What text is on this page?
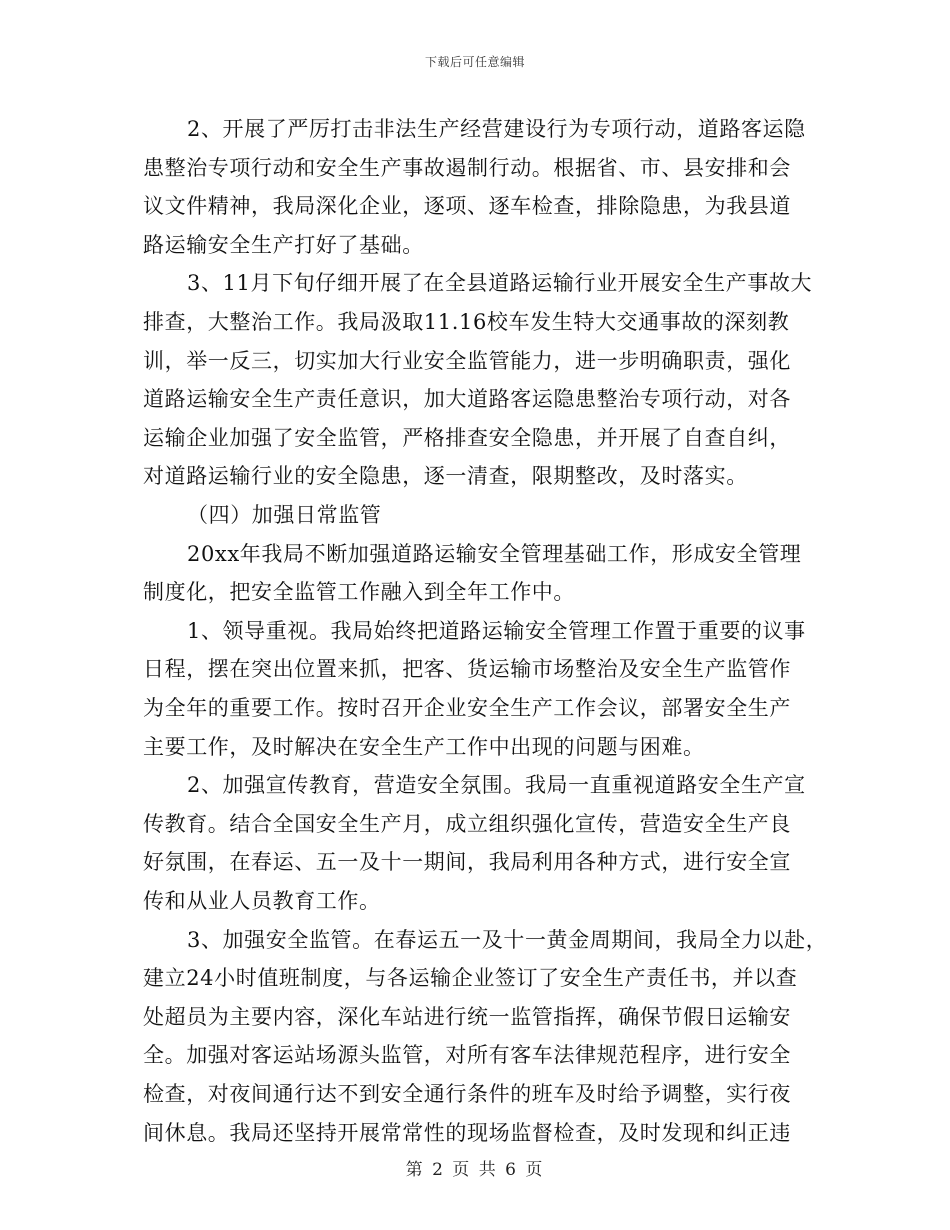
下载后可任意编辑
2、开展了严厉打击非法生产经营建设行为专项行动，道路客运隐
患整治专项行动和安全生产事故遏制行动。根据省、市、县安排和会
议文件精神，我局深化企业，逐项、逐车检查，排除隐患，为我县道
路运输安全生产打好了基础。
3、11月下旬仔细开展了在全县道路运输行业开展安全生产事故大
排查，大整治工作。我局汲取11.16校车发生特大交通事故的深刻教
训，举一反三，切实加大行业安全监管能力，进一步明确职责，强化
道路运输安全生产责任意识，加大道路客运隐患整治专项行动，对各
运输企业加强了安全监管，严格排查安全隐患，并开展了自查自纠，
对道路运输行业的安全隐患，逐一清查，限期整改，及时落实。
（四）加强日常监管
20xx年我局不断加强道路运输安全管理基础工作，形成安全管理
制度化，把安全监管工作融入到全年工作中。
1、领导重视。我局始终把道路运输安全管理工作置于重要的议事
日程，摆在突出位置来抓，把客、货运输市场整治及安全生产监管作
为全年的重要工作。按时召开企业安全生产工作会议，部署安全生产
主要工作，及时解决在安全生产工作中出现的问题与困难。
2、加强宣传教育，营造安全氛围。我局一直重视道路安全生产宣
传教育。结合全国安全生产月，成立组织强化宣传，营造安全生产良
好氛围，在春运、五一及十一期间，我局利用各种方式，进行安全宣
传和从业人员教育工作。
3、加强安全监管。在春运五一及十一黄金周期间，我局全力以赴，
建立24小时值班制度，与各运输企业签订了安全生产责任书，并以查
处超员为主要内容，深化车站进行统一监管指挥，确保节假日运输安
全。加强对客运站场源头监管，对所有客车法律规范程序，进行安全
检查，对夜间通行达不到安全通行条件的班车及时给予调整，实行夜
间休息。我局还坚持开展常常性的现场监督检查，及时发现和纠正违
第 2 页 共 6 页
